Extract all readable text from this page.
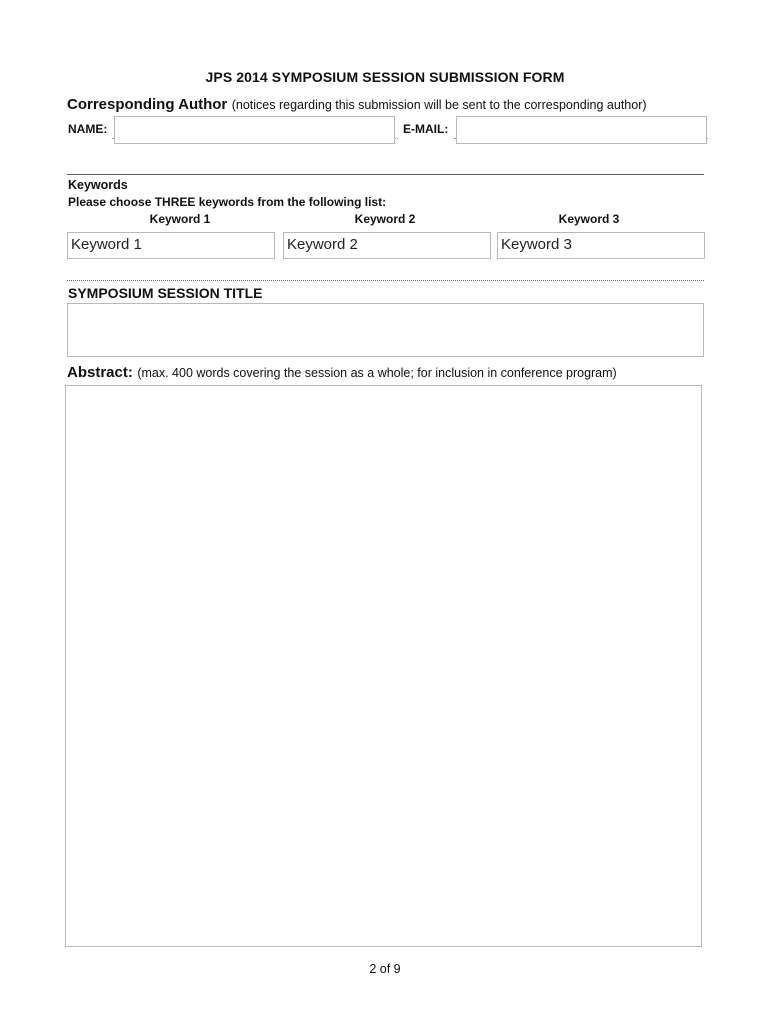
JPS 2014 SYMPOSIUM SESSION SUBMISSION FORM
Corresponding Author (notices regarding this submission will be sent to the corresponding author)
NAME:	E-MAIL:
Keywords
Please choose THREE keywords from the following list:
Keyword 1	Keyword 2	Keyword 3
Keyword 1	Keyword 2	Keyword 3
SYMPOSIUM SESSION TITLE
Abstract: (max. 400 words covering the session as a whole; for inclusion in conference program)
2 of 9
